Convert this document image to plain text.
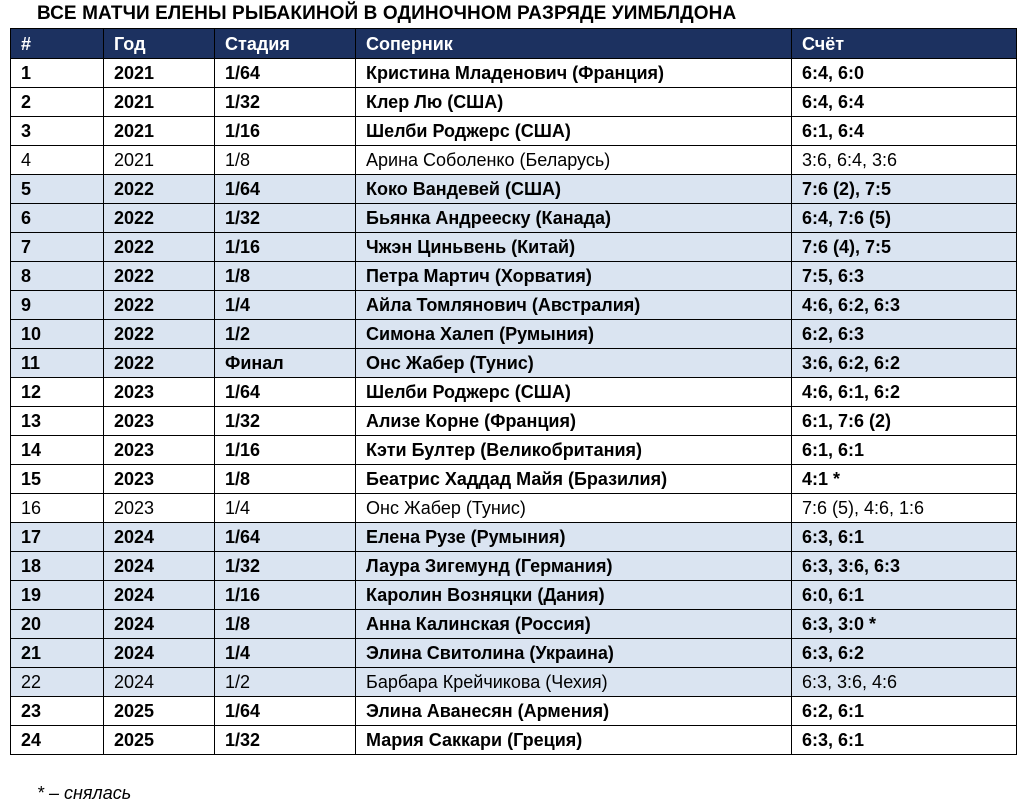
ВСЕ МАТЧИ ЕЛЕНЫ РЫБАКИНОЙ В ОДИНОЧНОМ РАЗРЯДЕ УИМБЛДОНА
#	Год	Стадия	Соперник	Счёт
1	2021	1/64	Кристина Младенович (Франция)	6:4, 6:0
2	2021	1/32	Клер Лю (США)	6:4, 6:4
3	2021	1/16	Шелби Роджерс (США)	6:1, 6:4
4	2021	1/8	Арина Соболенко (Беларусь)	3:6, 6:4, 3:6
5	2022	1/64	Коко Вандевей (США)	7:6 (2), 7:5
6	2022	1/32	Бьянка Андрееску (Канада)	6:4, 7:6 (5)
7	2022	1/16	Чжэн Циньвень (Китай)	7:6 (4), 7:5
8	2022	1/8	Петра Мартич (Хорватия)	7:5, 6:3
9	2022	1/4	Айла Томлянович (Австралия)	4:6, 6:2, 6:3
10	2022	1/2	Симона Халеп (Румыния)	6:2, 6:3
11	2022	Финал	Онс Жабер (Тунис)	3:6, 6:2, 6:2
12	2023	1/64	Шелби Роджерс (США)	4:6, 6:1, 6:2
13	2023	1/32	Ализе Корне (Франция)	6:1, 7:6 (2)
14	2023	1/16	Кэти Бултер (Великобритания)	6:1, 6:1
15	2023	1/8	Беатрис Хаддад Майя (Бразилия)	4:1 *
16	2023	1/4	Онс Жабер (Тунис)	7:6 (5), 4:6, 1:6
17	2024	1/64	Елена Рузе (Румыния)	6:3, 6:1
18	2024	1/32	Лаура Зигемунд (Германия)	6:3, 3:6, 6:3
19	2024	1/16	Каролин Возняцки (Дания)	6:0, 6:1
20	2024	1/8	Анна Калинская (Россия)	6:3, 3:0 *
21	2024	1/4	Элина Свитолина (Украина)	6:3, 6:2
22	2024	1/2	Барбара Крейчикова (Чехия)	6:3, 3:6, 4:6
23	2025	1/64	Элина Аванесян (Армения)	6:2, 6:1
24	2025	1/32	Мария Саккари (Греция)	6:3, 6:1
* – снялась
